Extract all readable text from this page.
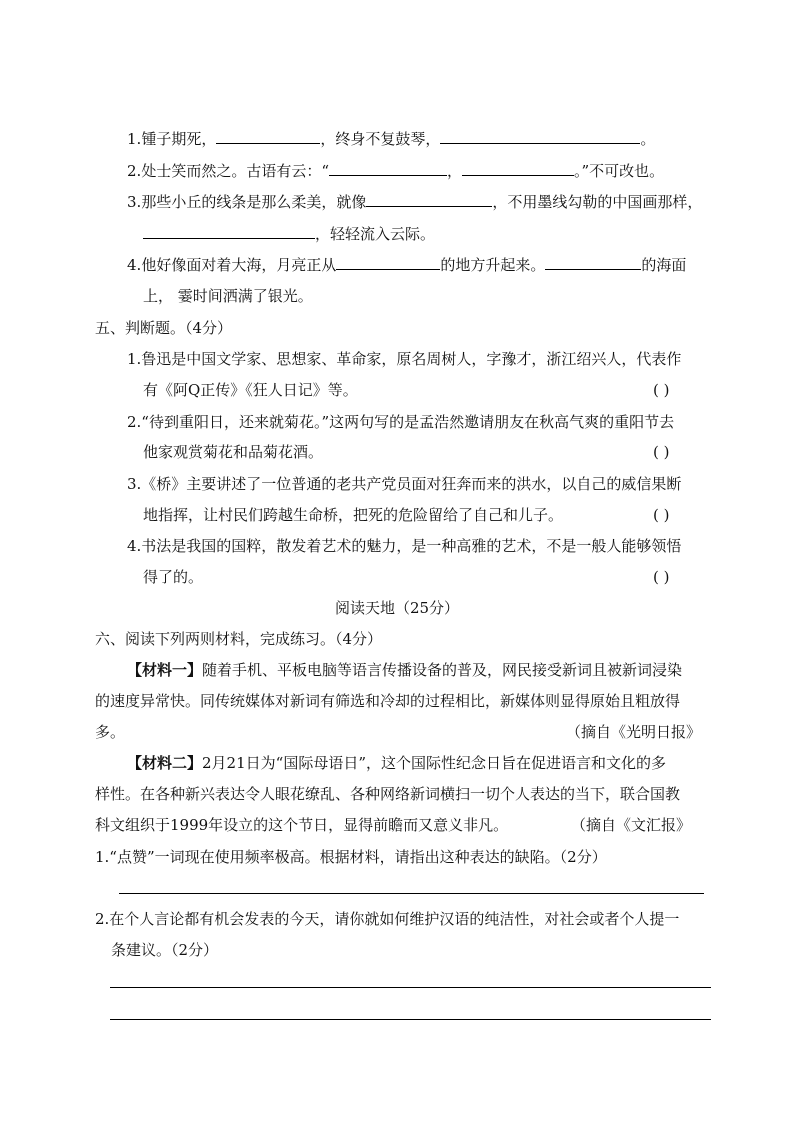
1.锺子期死，	，终身不复鼓琴，	。
2.处士笑而然之。古语有云：“	，	。”不可改也。
3.那些小丘的线条是那么柔美，就像	，不用墨线勾勒的中国画那样，
，轻轻流入云际。
4.他好像面对着大海，月亮正从	的地方升起来。	的海面
上， 霎时间洒满了银光。
五、判断题。（4分）
1.鲁迅是中国文学家、思想家、革命家，原名周树人，字豫才，浙江绍兴人，代表作
有《阿Q正传》《狂人日记》等。	( )
2.“待到重阳日，还来就菊花。”这两句写的是孟浩然邀请朋友在秋高气爽的重阳节去
他家观赏菊花和品菊花酒。	( )
3.《桥》主要讲述了一位普通的老共产党员面对狂奔而来的洪水，以自己的威信果断
地指挥，让村民们跨越生命桥，把死的危险留给了自己和儿子。	( )
4.书法是我国的国粹，散发着艺术的魅力，是一种高雅的艺术，不是一般人能够领悟
得了的。	( )
阅读天地（25分）
六、阅读下列两则材料，完成练习。（4分）
【材料一】随着手机、平板电脑等语言传播设备的普及，网民接受新词且被新词浸染
的速度异常快。同传统媒体对新词有筛选和冷却的过程相比，新媒体则显得原始且粗放得
多。	（摘自《光明日报》
【材料二】2月21日为“国际母语日”，这个国际性纪念日旨在促进语言和文化的多
样性。在各种新兴表达令人眼花缭乱、各种网络新词横扫一切个人表达的当下，联合国教
科文组织于1999年设立的这个节日，显得前瞻而又意义非凡。	（摘自《文汇报》
1.“点赞”一词现在使用频率极高。根据材料，请指出这种表达的缺陷。（2分）
2.在个人言论都有机会发表的今天，请你就如何维护汉语的纯洁性，对社会或者个人提一
条建议。（2分）
